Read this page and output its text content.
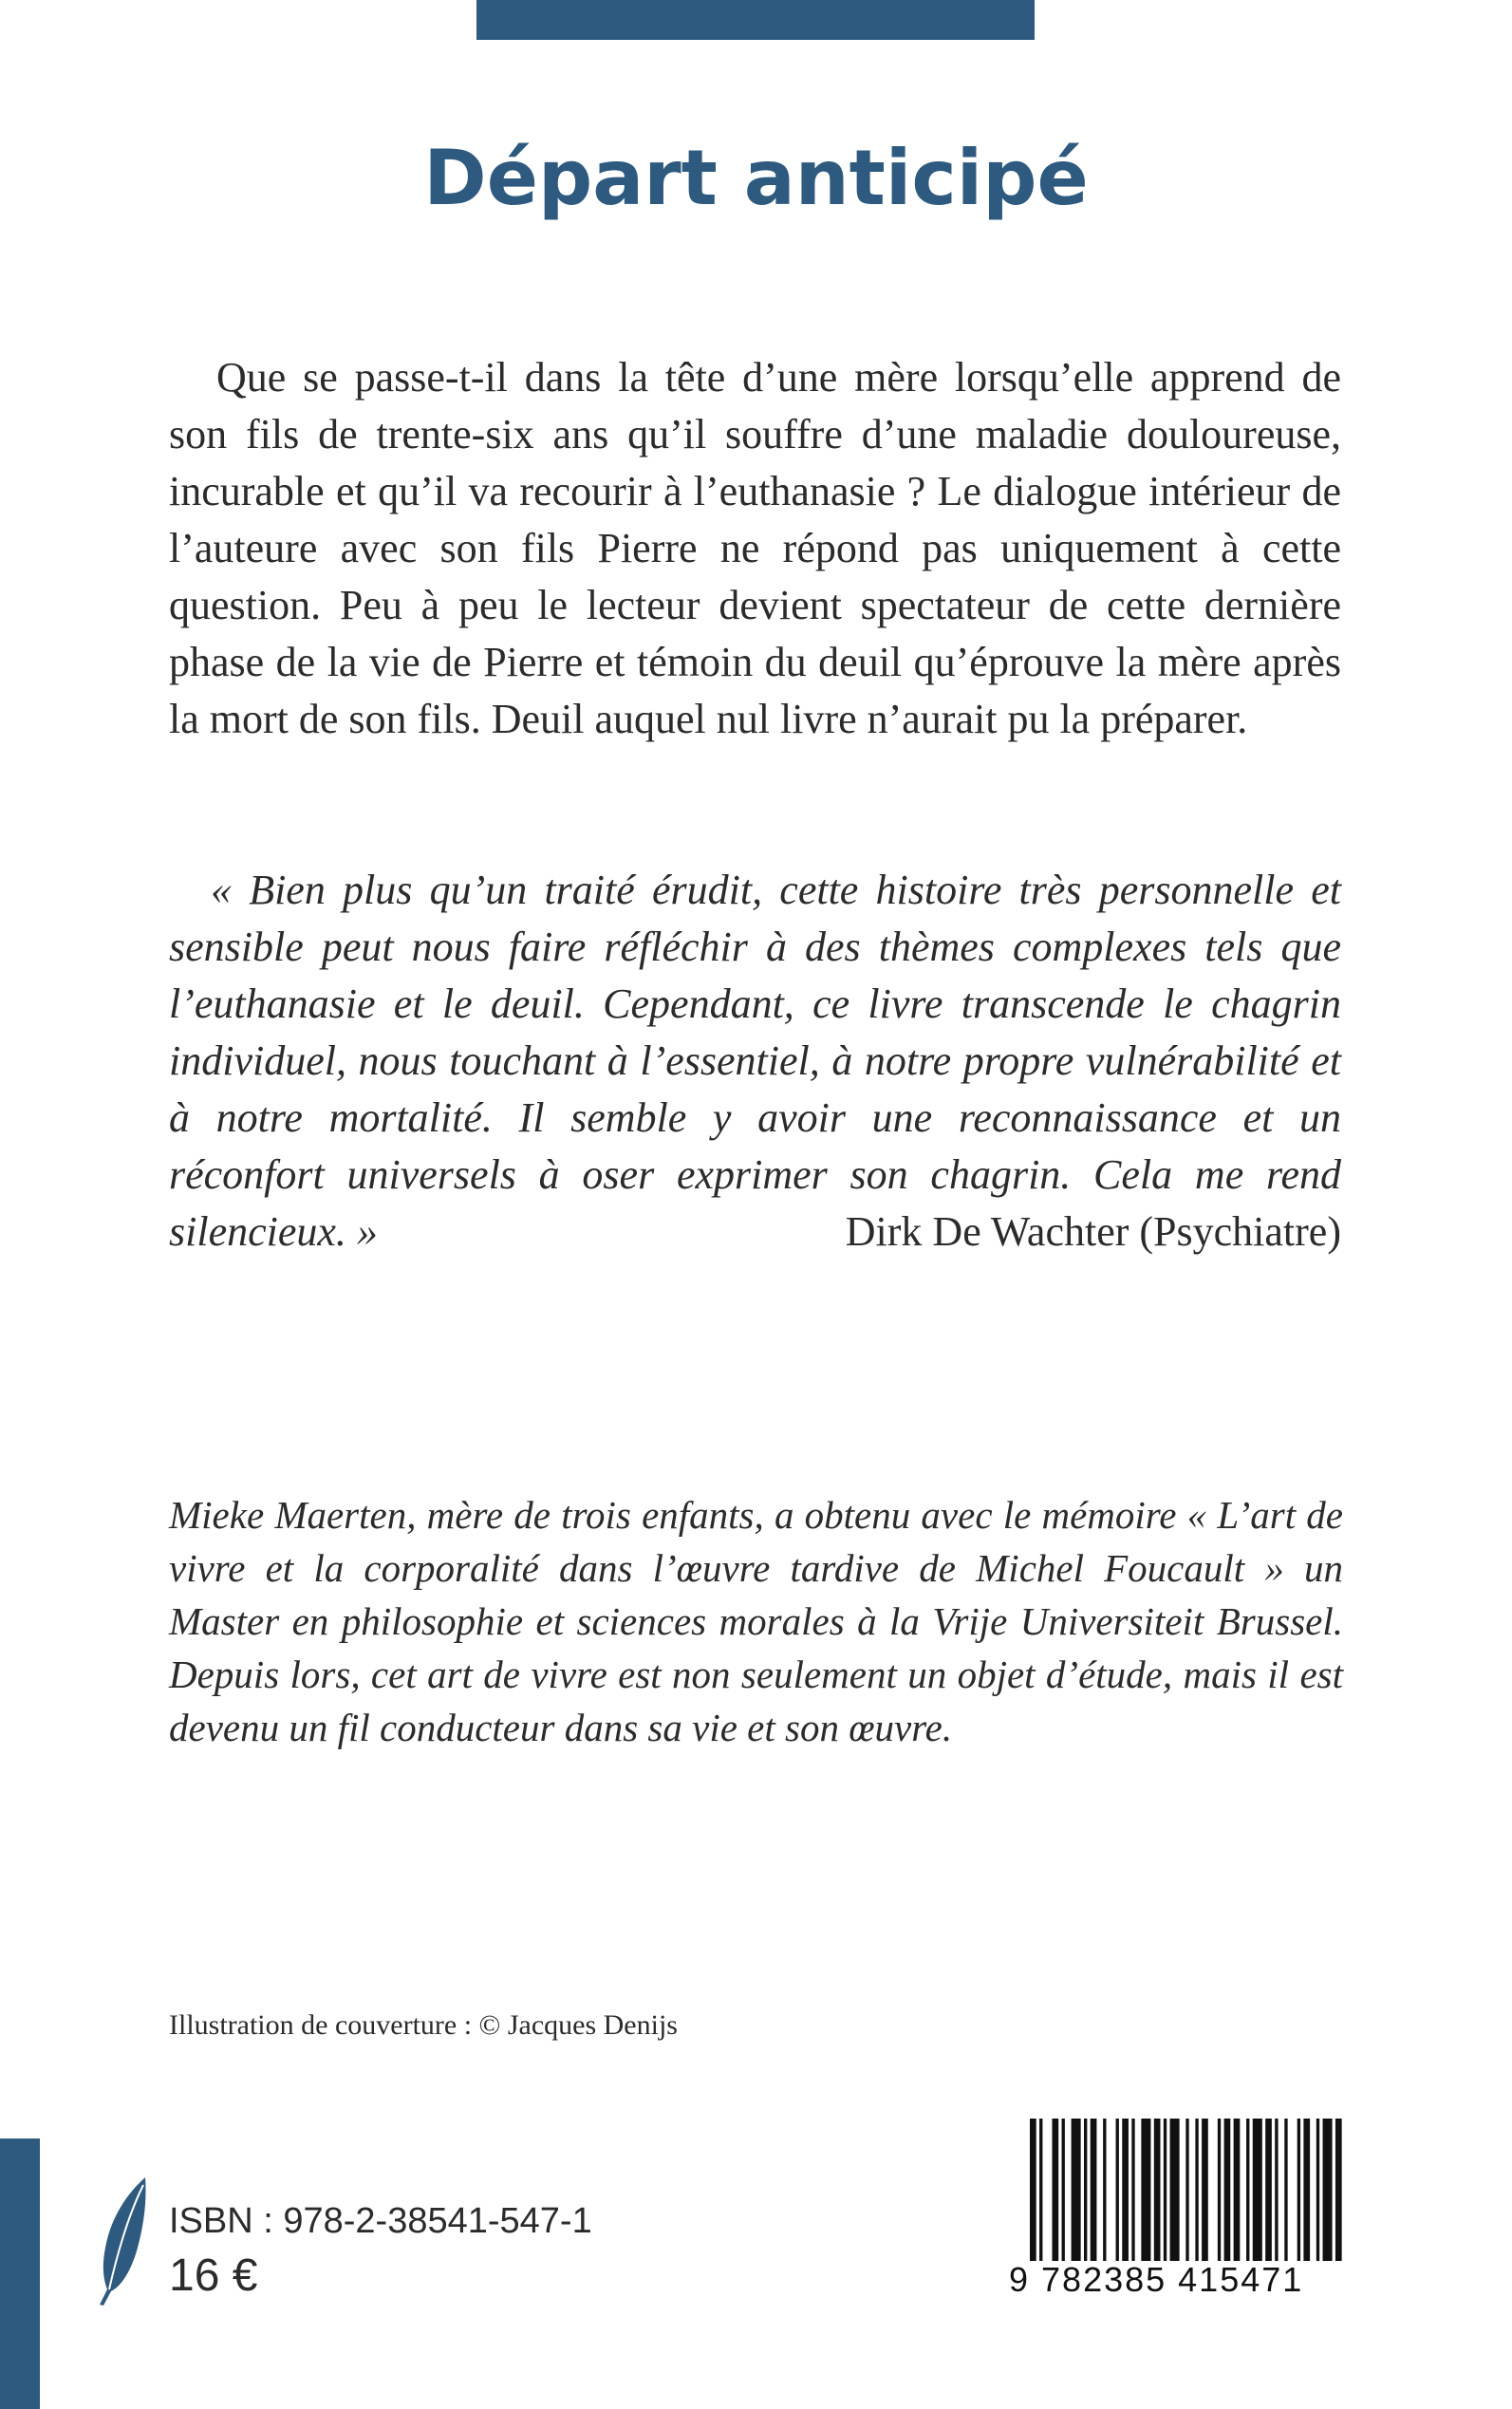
Départ anticipé

Que se passe-t-il dans la tête d’une mère lorsqu’elle apprend de son fils de trente-six ans qu’il souffre d’une maladie douloureuse, incurable et qu’il va recourir à l’euthanasie ? Le dialogue intérieur de l’auteure avec son fils Pierre ne répond pas uniquement à cette question. Peu à peu le lecteur devient spectateur de cette dernière phase de la vie de Pierre et témoin du deuil qu’éprouve la mère après la mort de son fils. Deuil auquel nul livre n’aurait pu la préparer.

« Bien plus qu’un traité érudit, cette histoire très personnelle et sensible peut nous faire réfléchir à des thèmes complexes tels que l’euthanasie et le deuil. Cependant, ce livre transcende le chagrin individuel, nous touchant à l’essentiel, à notre propre vulnérabilité et à notre mortalité. Il semble y avoir une reconnaissance et un réconfort universels à oser exprimer son chagrin. Cela me rend silencieux. »	Dirk De Wachter (Psychiatre)

Mieke Maerten, mère de trois enfants, a obtenu avec le mémoire « L’art de vivre et la corporalité dans l’œuvre tardive de Michel Foucault » un Master en philosophie et sciences morales à la Vrije Universiteit Brussel. Depuis lors, cet art de vivre est non seulement un objet d’étude, mais il est devenu un fil conducteur dans sa vie et son œuvre.

Illustration de couverture : © Jacques Denijs

ISBN : 978-2-38541-547-1

16 €	9 782385 415471
